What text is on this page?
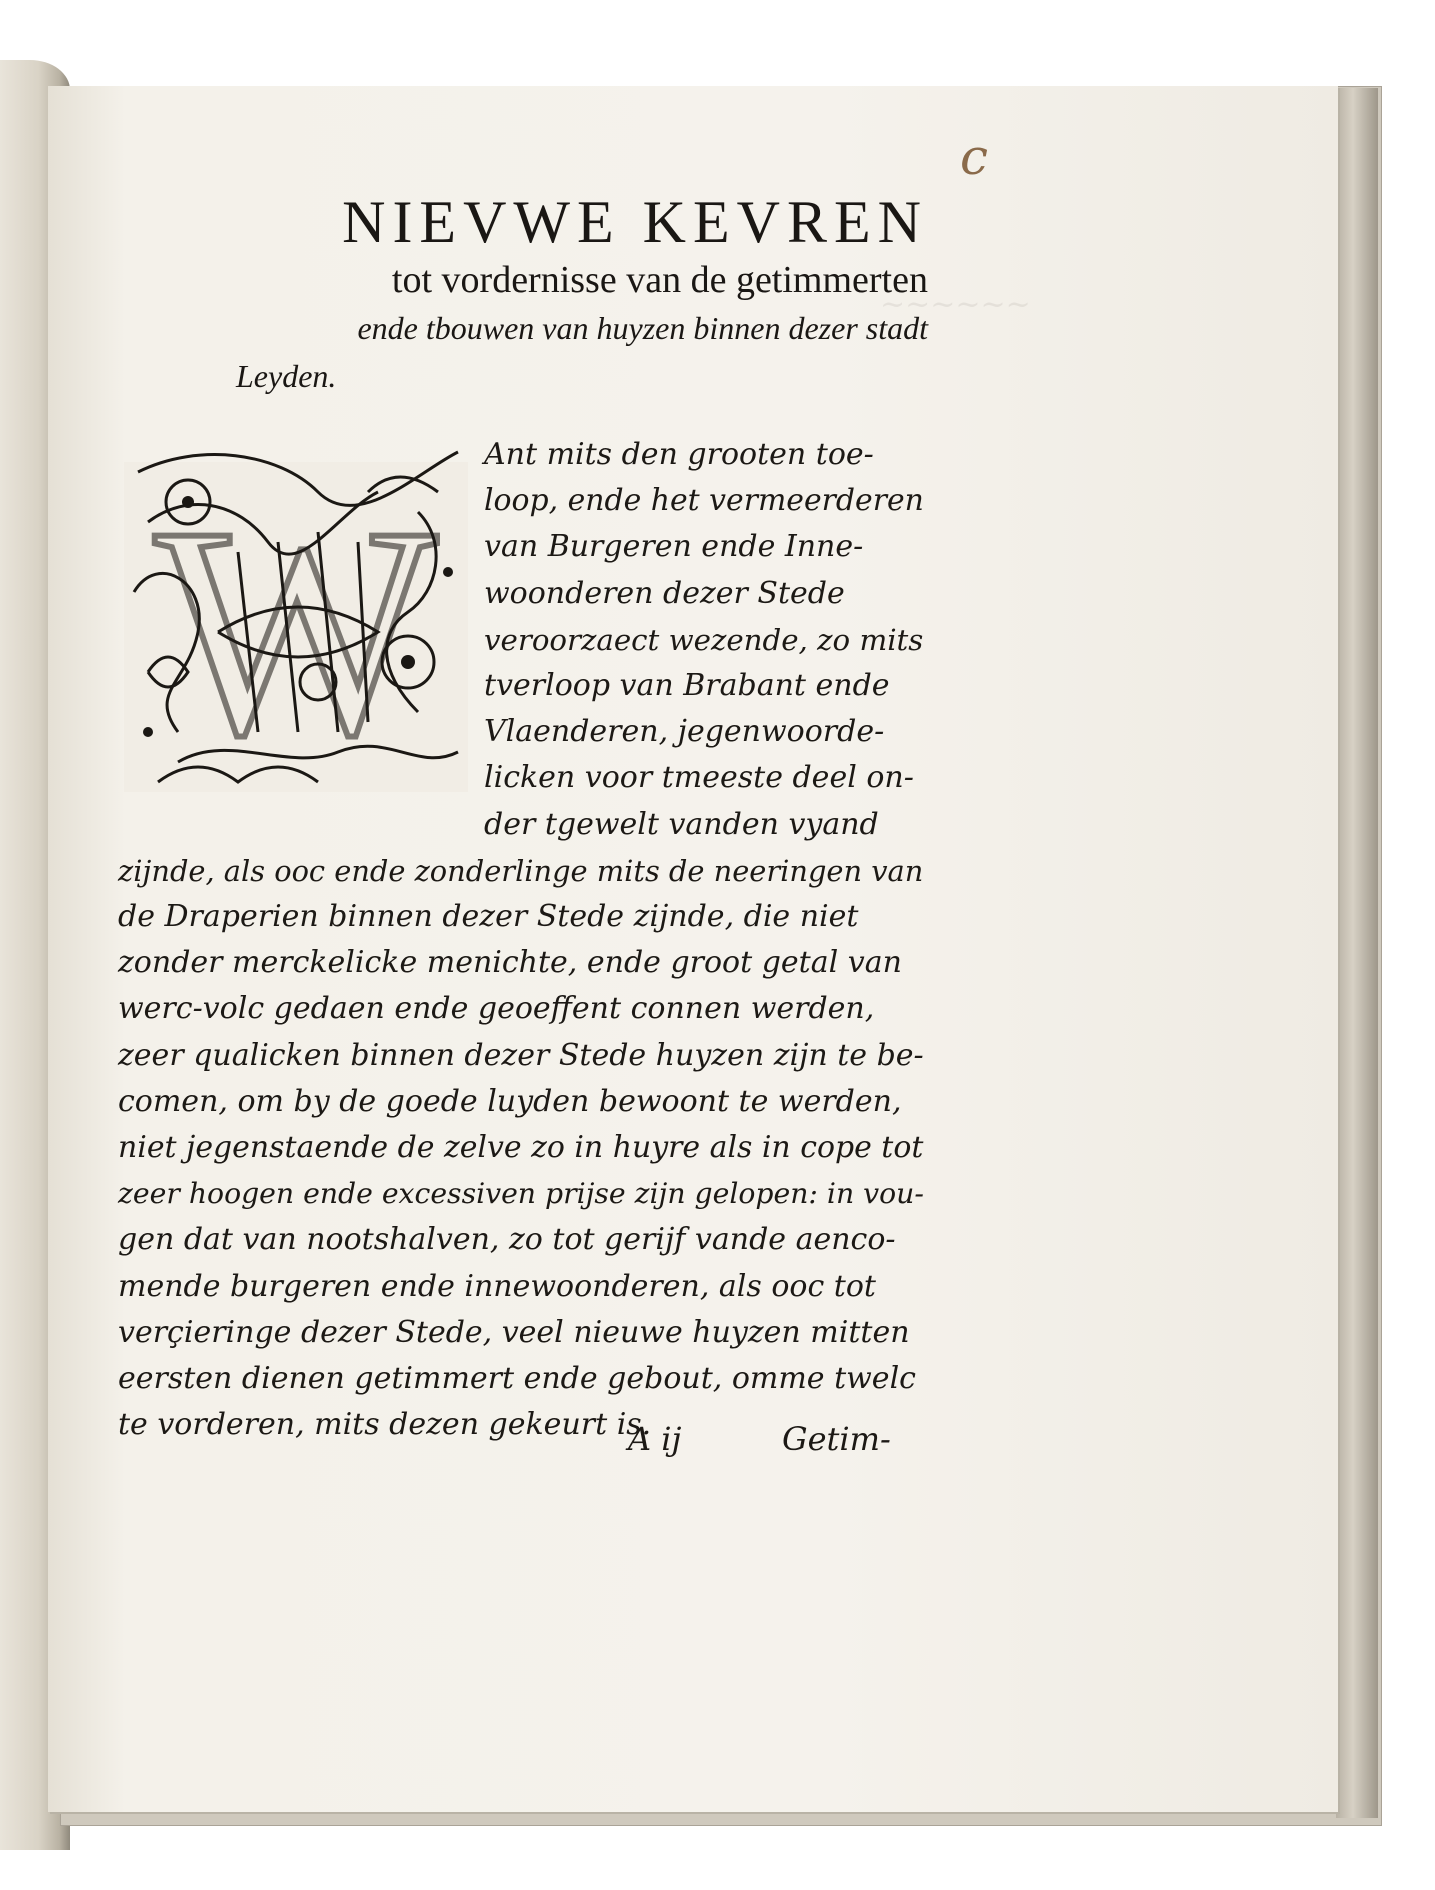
~~~~~~
c
NIEVWE KEVREN
tot vordernisse van de getimmerten
ende tbouwen van huyzen binnen dezer stadt
Leyden.
W
Ant mits den grooten toe-
loop, ende het vermeerderen
van Burgeren ende Inne-
woonderen dezer Stede
veroorzaect wezende, zo mits
tverloop van Brabant ende
Vlaenderen, jegenwoorde-
licken voor tmeeste deel on-
der tgewelt vanden vyand
zijnde, als ooc ende zonderlinge mits de neeringen van
de Draperien binnen dezer Stede zijnde, die niet
zonder merckelicke menichte, ende groot getal van
werc-volc gedaen ende geoeffent connen werden,
zeer qualicken binnen dezer Stede huyzen zijn te be-
comen, om by de goede luyden bewoont te werden,
niet jegenstaende de zelve zo in huyre als in cope tot
zeer hoogen ende excessiven prijse zijn gelopen: in vou-
gen dat van nootshalven, zo tot gerijf vande aenco-
mende burgeren ende innewoonderen, als ooc tot
verçieringe dezer Stede, veel nieuwe huyzen mitten
eersten dienen getimmert ende gebout, omme twelc
te vorderen, mits dezen gekeurt is.
A ij	Getim-
